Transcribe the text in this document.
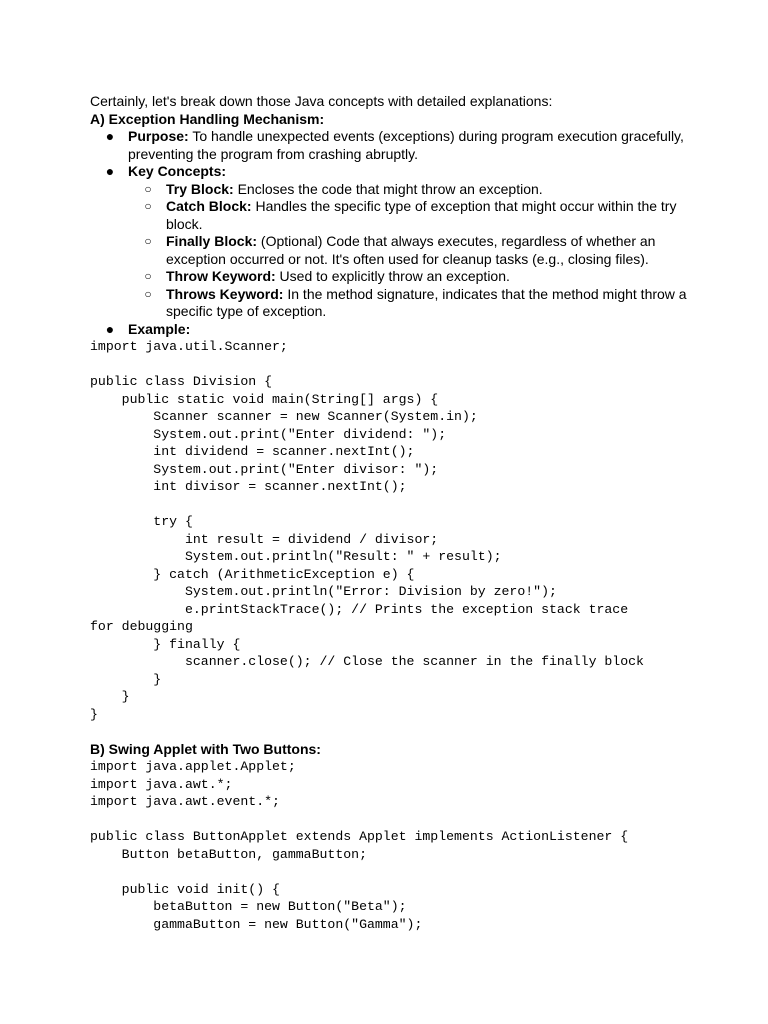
Certainly, let's break down those Java concepts with detailed explanations:

A) Exception Handling Mechanism:

● Purpose: To handle unexpected events (exceptions) during program execution gracefully, preventing the program from crashing abruptly.
● Key Concepts:
○ Try Block: Encloses the code that might throw an exception.
○ Catch Block: Handles the specific type of exception that might occur within the try block.
○ Finally Block: (Optional) Code that always executes, regardless of whether an exception occurred or not. It's often used for cleanup tasks (e.g., closing files).
○ Throw Keyword: Used to explicitly throw an exception.
○ Throws Keyword: In the method signature, indicates that the method might throw a specific type of exception.
● Example:
import java.util.Scanner;

public class Division {
public static void main(String[] args) {
Scanner scanner = new Scanner(System.in);
System.out.print("Enter dividend: ");
int dividend = scanner.nextInt();
System.out.print("Enter divisor: ");
int divisor = scanner.nextInt();

try {
int result = dividend / divisor;
System.out.println("Result: " + result);
} catch (ArithmeticException e) {
System.out.println("Error: Division by zero!");
e.printStackTrace(); // Prints the exception stack trace
for debugging
} finally {
scanner.close(); // Close the scanner in the finally block
}
}
}

B) Swing Applet with Two Buttons:

import java.applet.Applet;
import java.awt.*;
import java.awt.event.*;

public class ButtonApplet extends Applet implements ActionListener {
Button betaButton, gammaButton;

public void init() {
betaButton = new Button("Beta");
gammaButton = new Button("Gamma");
